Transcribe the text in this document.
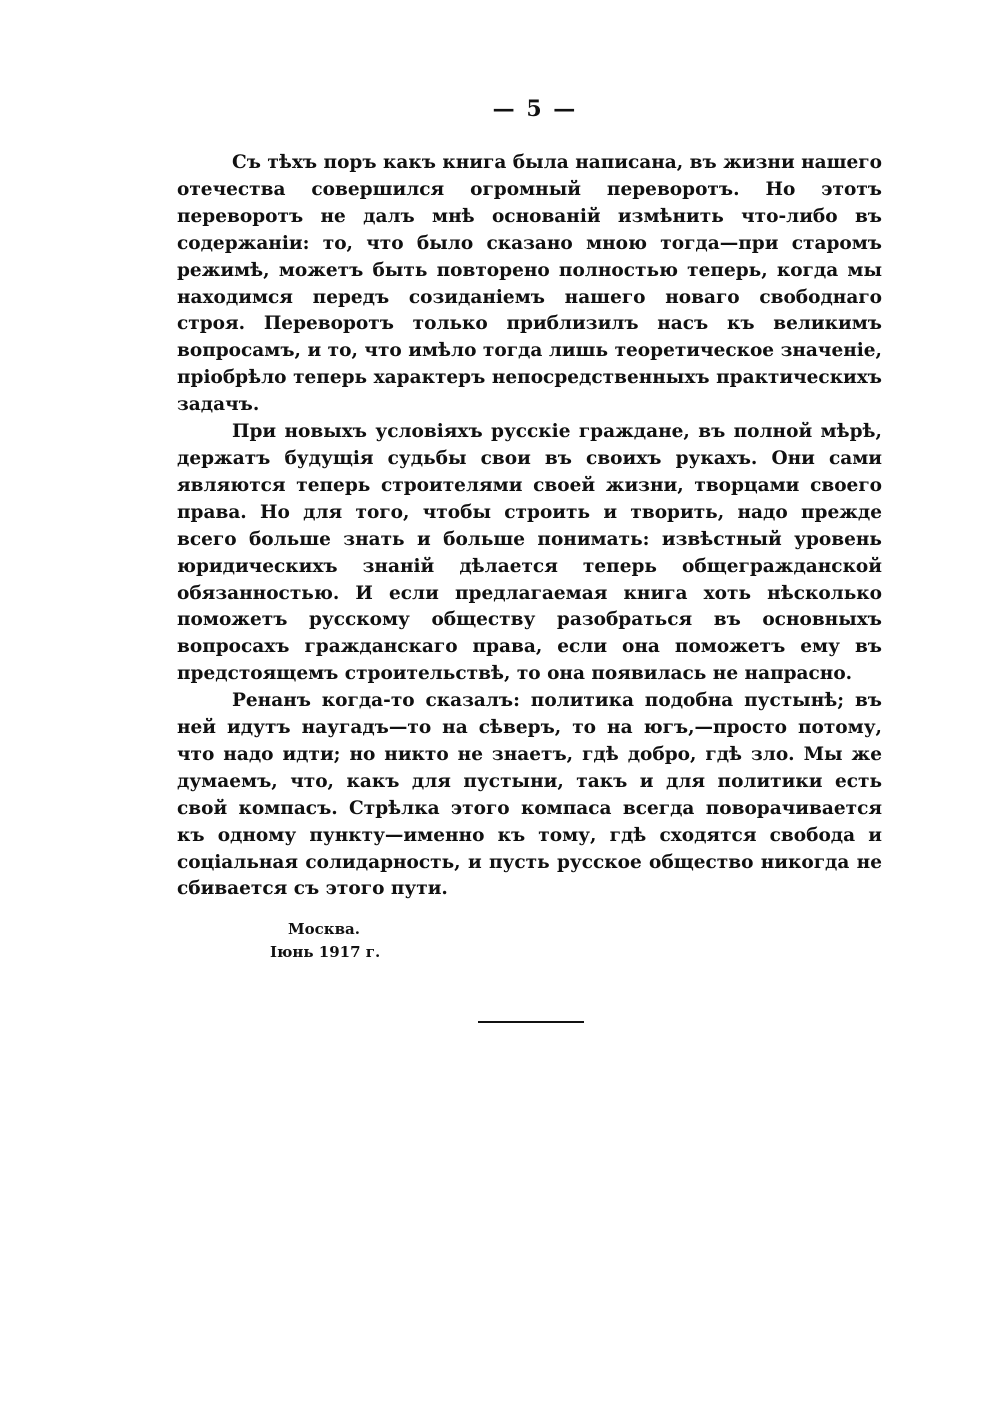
— 5 —

Съ тѣхъ поръ какъ книга была написана, въ жизни нашего отечества совершился огромный переворотъ. Но этотъ переворотъ не далъ мнѣ основаній измѣнить что-либо въ содержаніи: то, что было сказано мною тогда—при старомъ режимѣ, можетъ быть повторено полностью теперь, когда мы находимся передъ созиданіемъ нашего новаго свободнаго строя. Переворотъ только приблизилъ насъ къ великимъ вопросамъ, и то, что имѣло тогда лишь теоретическое значеніе, пріобрѣло теперь характеръ непосредственныхъ практическихъ задачъ.

При новыхъ условіяхъ русскіе граждане, въ полной мѣрѣ, держатъ будущія судьбы свои въ своихъ рукахъ. Они сами являются теперь строителями своей жизни, творцами своего права. Но для того, чтобы строить и творить, надо прежде всего больше знать и больше понимать: извѣстный уровень юридическихъ знаній дѣлается теперь общегражданской обязанностью. И если предлагаемая книга хоть нѣсколько поможетъ русскому обществу разобраться въ основныхъ вопросахъ гражданскаго права, если она поможетъ ему въ предстоящемъ строительствѣ, то она появилась не напрасно.

Ренанъ когда-то сказалъ: политика подобна пустынѣ; въ ней идутъ наугадъ—то на сѣверъ, то на югъ,—просто потому, что надо идти; но никто не знаетъ, гдѣ добро, гдѣ зло. Мы же думаемъ, что, какъ для пустыни, такъ и для политики есть свой компасъ. Стрѣлка этого компаса всегда поворачивается къ одному пункту—именно къ тому, гдѣ сходятся свобода и соціальная солидарность, и пусть русское общество никогда не сбивается съ этого пути.

Москва.
Іюнь 1917 г.
